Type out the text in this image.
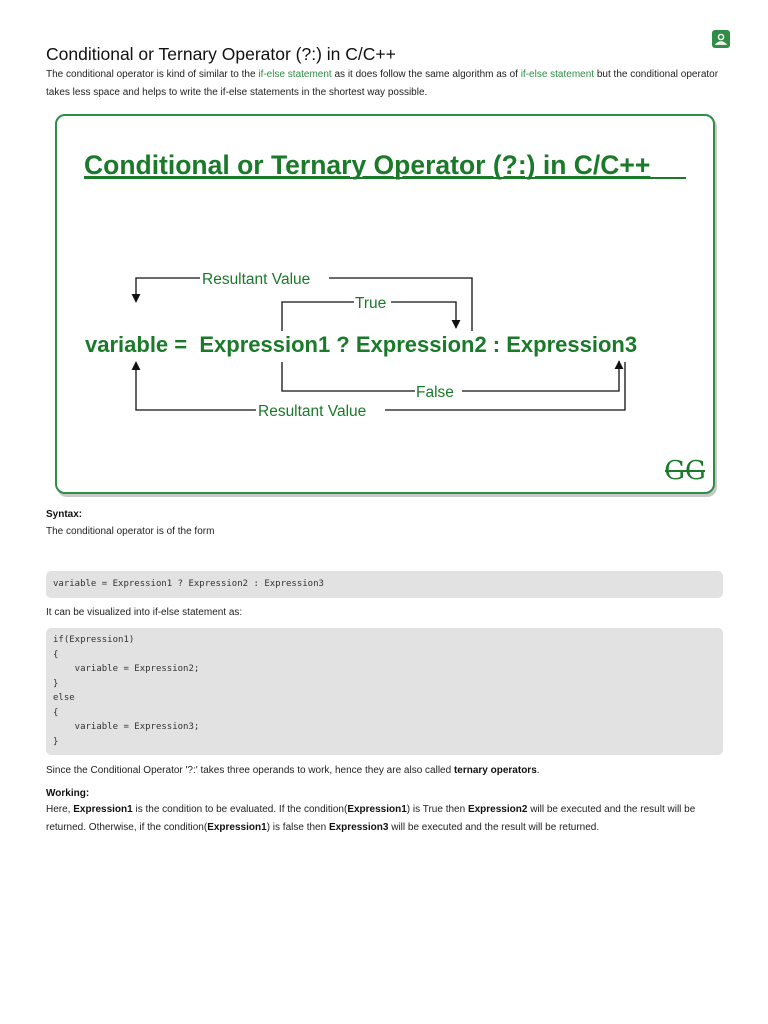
Conditional or Ternary Operator (?:) in C/C++

The conditional operator is kind of similar to the if-else statement as it does follow the same algorithm as of if-else statement but the conditional operator takes less space and helps to write the if-else statements in the shortest way possible.

Conditional or Ternary Operator (?:) in C/C++
Resultant Value
True
variable =  Expression1 ? Expression2 : Expression3
False
Resultant Value
GG

Syntax:

The conditional operator is of the form

variable = Expression1 ? Expression2 : Expression3

It can be visualized into if-else statement as:

if(Expression1)
{
variable = Expression2;
}
else
{
variable = Expression3;
}

Since the Conditional Operator '?:' takes three operands to work, hence they are also called ternary operators.

Working:

Here, Expression1 is the condition to be evaluated. If the condition(Expression1) is True then Expression2 will be executed and the result will be returned. Otherwise, if the condition(Expression1) is false then Expression3 will be executed and the result will be returned.
